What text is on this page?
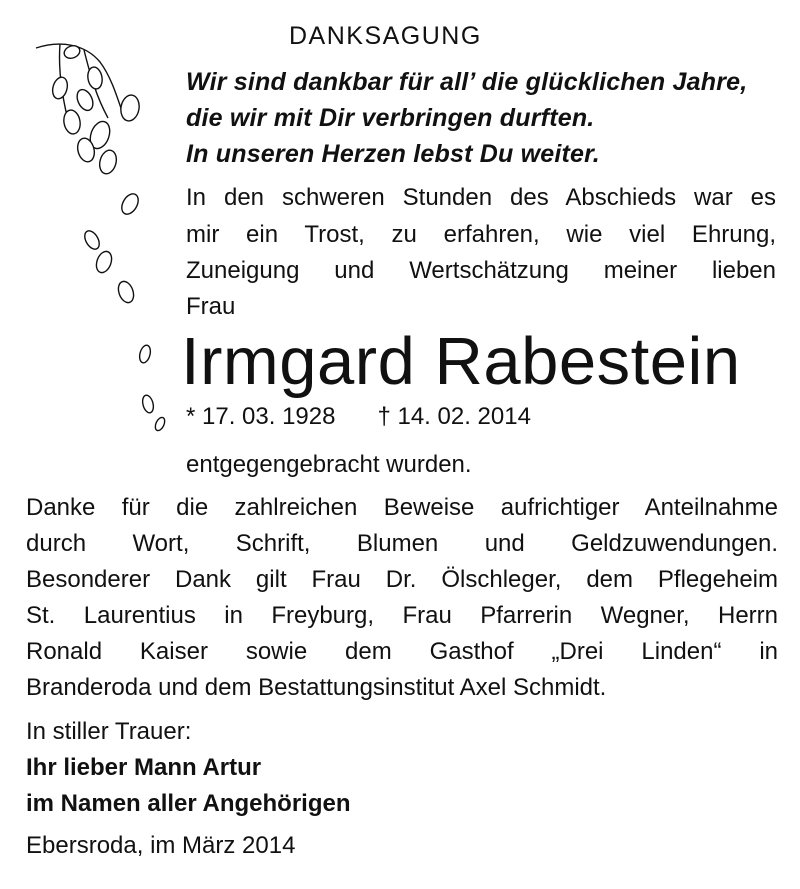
DANKSAGUNG
Wir sind dankbar für all’ die glücklichen Jahre,
die wir mit Dir verbringen durften.
In unseren Herzen lebst Du weiter.
In den schweren Stunden des Abschieds war es
mir ein Trost, zu erfahren, wie viel Ehrung,
Zuneigung und Wertschätzung meiner lieben
Frau
Irmgard Rabestein
* 17. 03. 1928 † 14. 02. 2014
entgegengebracht wurden.
Danke für die zahlreichen Beweise aufrichtiger Anteilnahme
durch Wort, Schrift, Blumen und Geldzuwendungen.
Besonderer Dank gilt Frau Dr. Ölschleger, dem Pflegeheim
St. Laurentius in Freyburg, Frau Pfarrerin Wegner, Herrn
Ronald Kaiser sowie dem Gasthof „Drei Linden“ in
Branderoda und dem Bestattungsinstitut Axel Schmidt.
In stiller Trauer:
Ihr lieber Mann Artur
im Namen aller Angehörigen
Ebersroda, im März 2014
